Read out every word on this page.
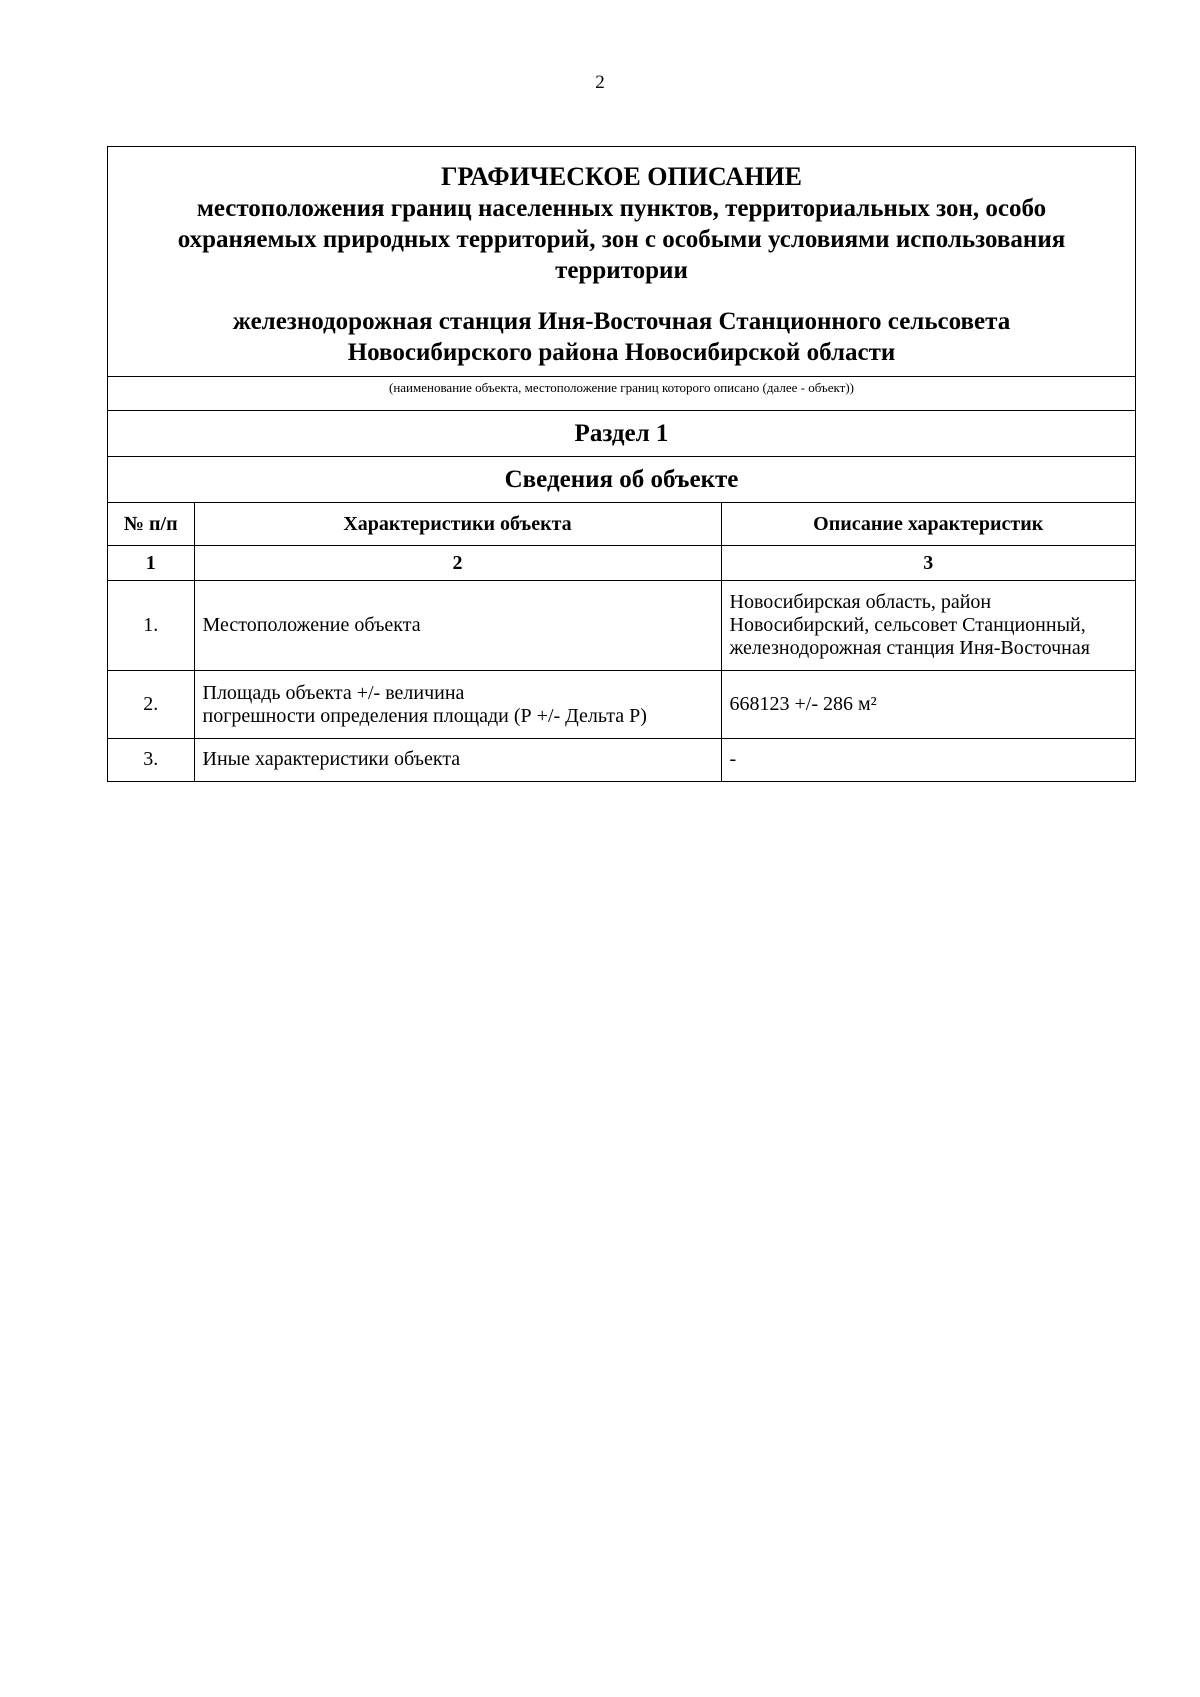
2
ГРАФИЧЕСКОЕ ОПИСАНИЕ
местоположения границ населенных пунктов, территориальных зон, особо
охраняемых природных территорий, зон с особыми условиями использования
территории
железнодорожная станция Иня-Восточная Станционного сельсовета
Новосибирского района Новосибирской области
(наименование объекта, местоположение границ которого описано (далее - объект))
Раздел 1
Сведения об объекте
№ п/п	Характеристики объекта	Описание характеристик
1	2	3
1.	Местоположение объекта	Новосибирская область, район
Новосибирский, сельсовет Станционный,
железнодорожная станция Иня-Восточная

2.	Площадь объекта +/- величина
погрешности определения площади (Р +/- Дельта Р)	668123 +/- 286 м²

3.	Иные характеристики объекта	-
